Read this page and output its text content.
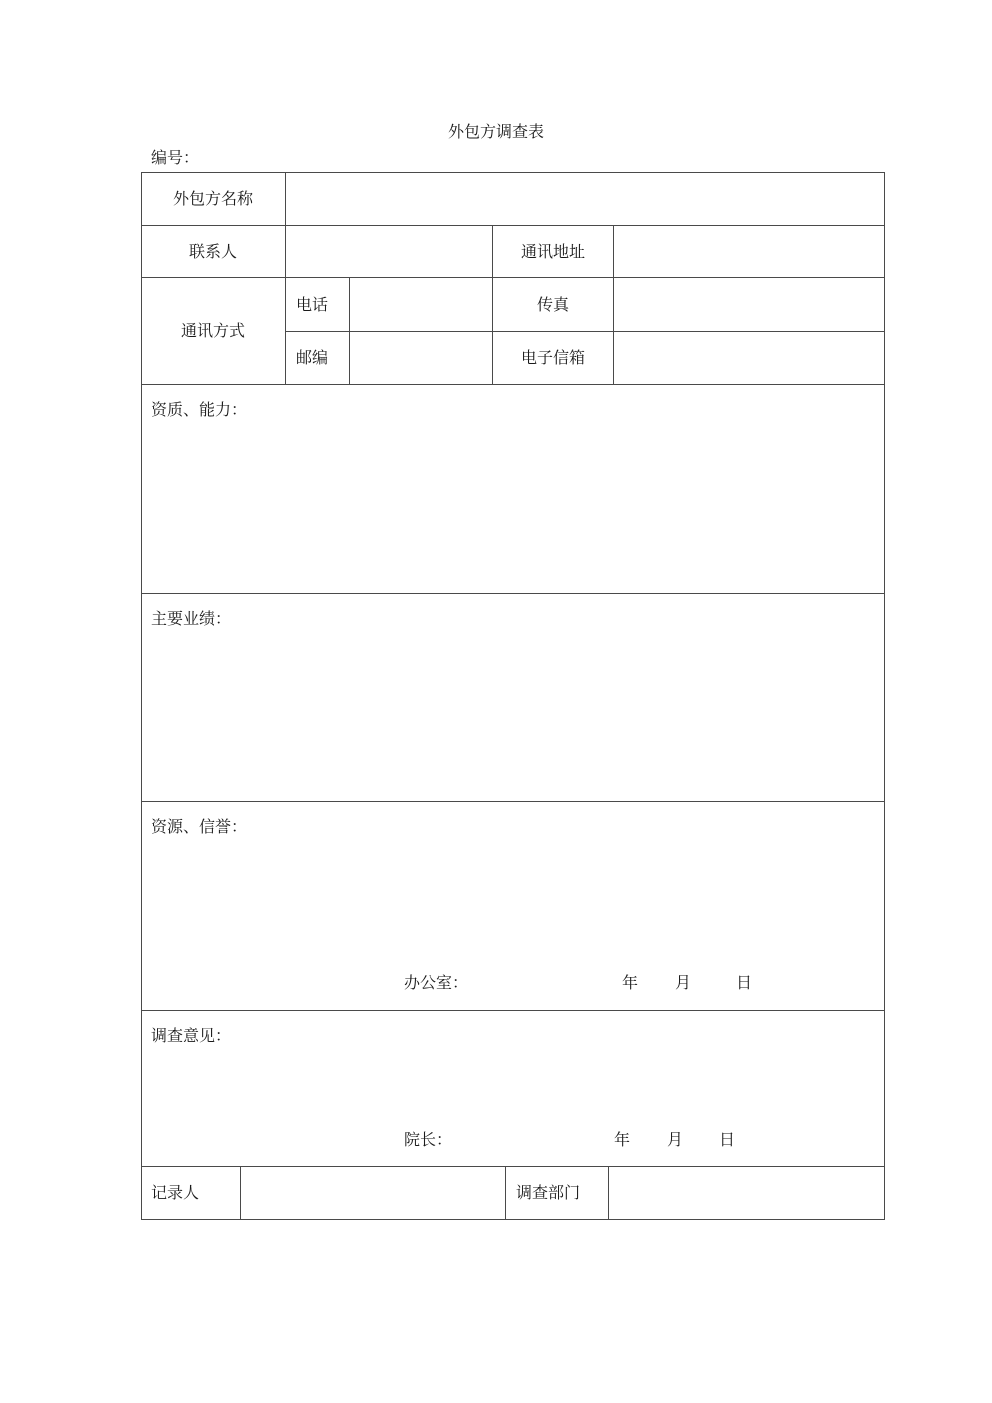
外包方调查表
编号：
外包方名称
联系人	通讯地址
通讯方式
电话	传真
邮编	电子信箱
资质、能力：
主要业绩：
资源、信誉：
办公室：	年 月	日
调查意见：
院长：	年 月 日
记录人	调查部门
